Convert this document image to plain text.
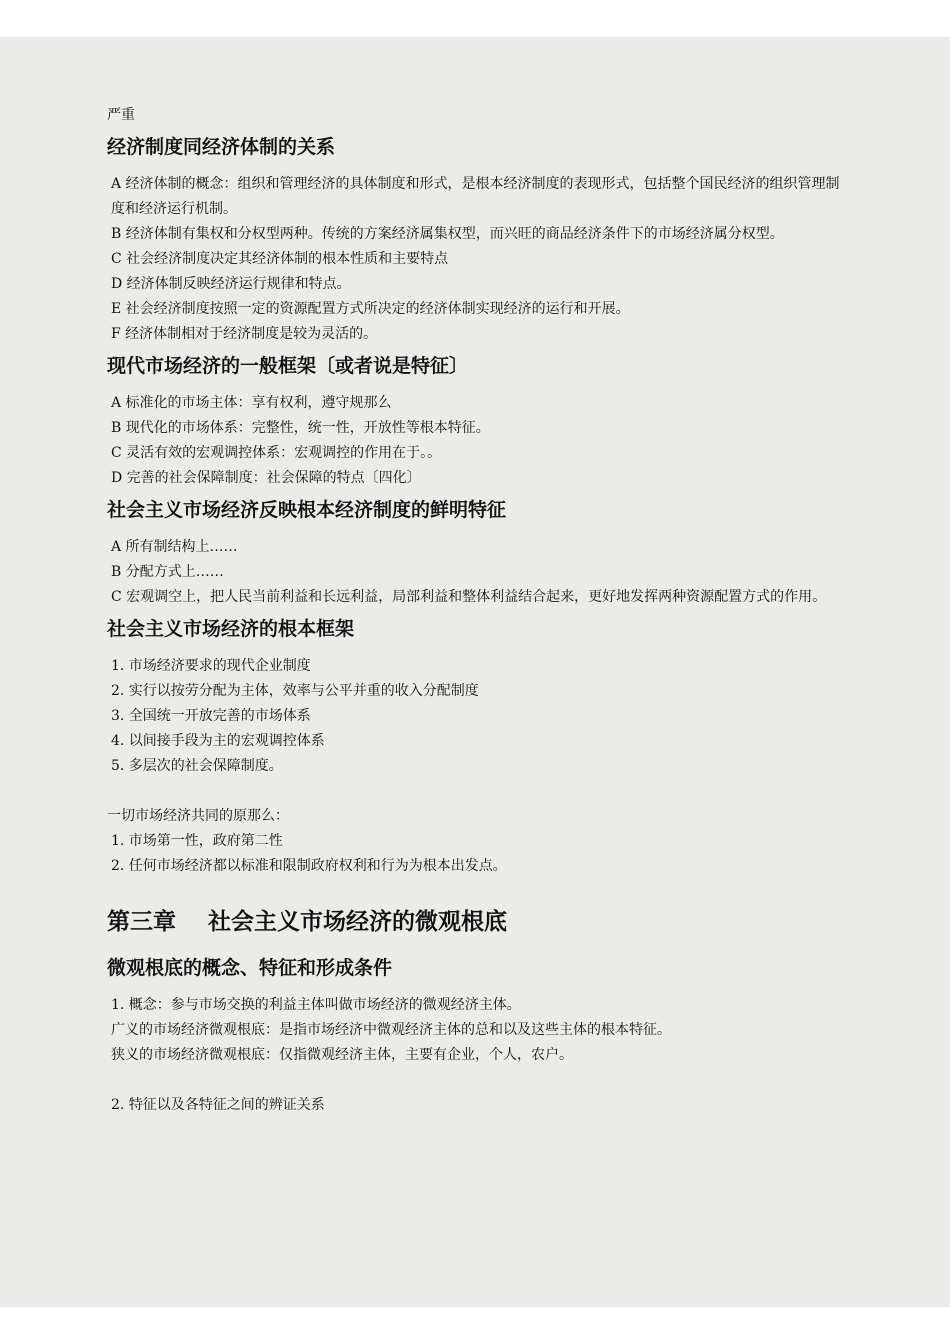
严重
经济制度同经济体制的关系
A 经济体制的概念：组织和管理经济的具体制度和形式，是根本经济制度的表现形式，包括整个国民经济的组织管理制度和经济运行机制。
B 经济体制有集权和分权型两种。传统的方案经济属集权型，而兴旺的商品经济条件下的市场经济属分权型。
C 社会经济制度决定其经济体制的根本性质和主要特点
D 经济体制反映经济运行规律和特点。
E 社会经济制度按照一定的资源配置方式所决定的经济体制实现经济的运行和开展。
F 经济体制相对于经济制度是较为灵活的。
现代市场经济的一般框架〔或者说是特征〕
A 标准化的市场主体：享有权利，遵守规那么
B 现代化的市场体系：完整性，统一性，开放性等根本特征。
C 灵活有效的宏观调控体系：宏观调控的作用在于。。
D 完善的社会保障制度：社会保障的特点〔四化〕
社会主义市场经济反映根本经济制度的鲜明特征
A 所有制结构上……
B 分配方式上……
C 宏观调空上，把人民当前利益和长远利益，局部利益和整体利益结合起来，更好地发挥两种资源配置方式的作用。
社会主义市场经济的根本框架
1. 市场经济要求的现代企业制度
2. 实行以按劳分配为主体，效率与公平并重的收入分配制度
3. 全国统一开放完善的市场体系
4. 以间接手段为主的宏观调控体系
5. 多层次的社会保障制度。
一切市场经济共同的原那么：
1. 市场第一性，政府第二性
2. 任何市场经济都以标准和限制政府权利和行为为根本出发点。
第三章 社会主义市场经济的微观根底
微观根底的概念、特征和形成条件
1. 概念：参与市场交换的利益主体叫做市场经济的微观经济主体。
广义的市场经济微观根底：是指市场经济中微观经济主体的总和以及这些主体的根本特征。
狭义的市场经济微观根底：仅指微观经济主体，主要有企业，个人，农户。
2. 特征以及各特征之间的辨证关系
